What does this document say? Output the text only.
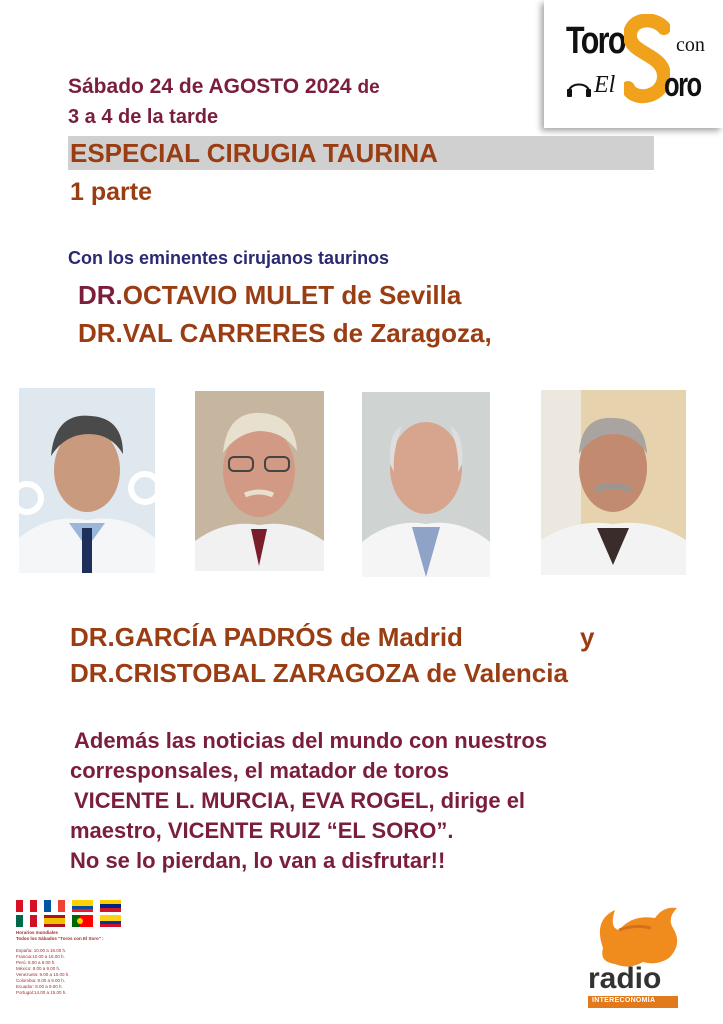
Toro	con
El oro
Sábado 24 de AGOSTO 2024 de
3 a 4 de la tarde
ESPECIAL CIRUGIA TAURINA
1 parte
Con los eminentes cirujanos taurinos
DR.OCTAVIO MULET de Sevilla
DR.VAL CARRERES de Zaragoza,
DR.GARCÍA PADRÓS de Madrid	y
DR.CRISTOBAL ZARAGOZA de Valencia
Además las noticias del mundo con nuestros
corresponsales, el matador de toros
VICENTE L. MURCIA, EVA ROGEL, dirige el
maestro, VICENTE RUIZ “EL SORO”.
No se lo pierdan, lo van a disfrutar!!
Horarios mundiales
Todos los Sábados "Toros con El Soro" :
España: 10.00 a 16.00 h.
Francia:10.00 a 16.00 h.
Perú: 8.00 a 9.00 h.
México: 8.00 a 9.00 h.
Venezuela: 9.00 a 10.00 h.
Colombia: 8.00 a 9.00 h.
Ecuador: 8.00 a 9.00 h.
Portugal:14.00 a 15.00 h.	radio
INTERECONOMÍA
